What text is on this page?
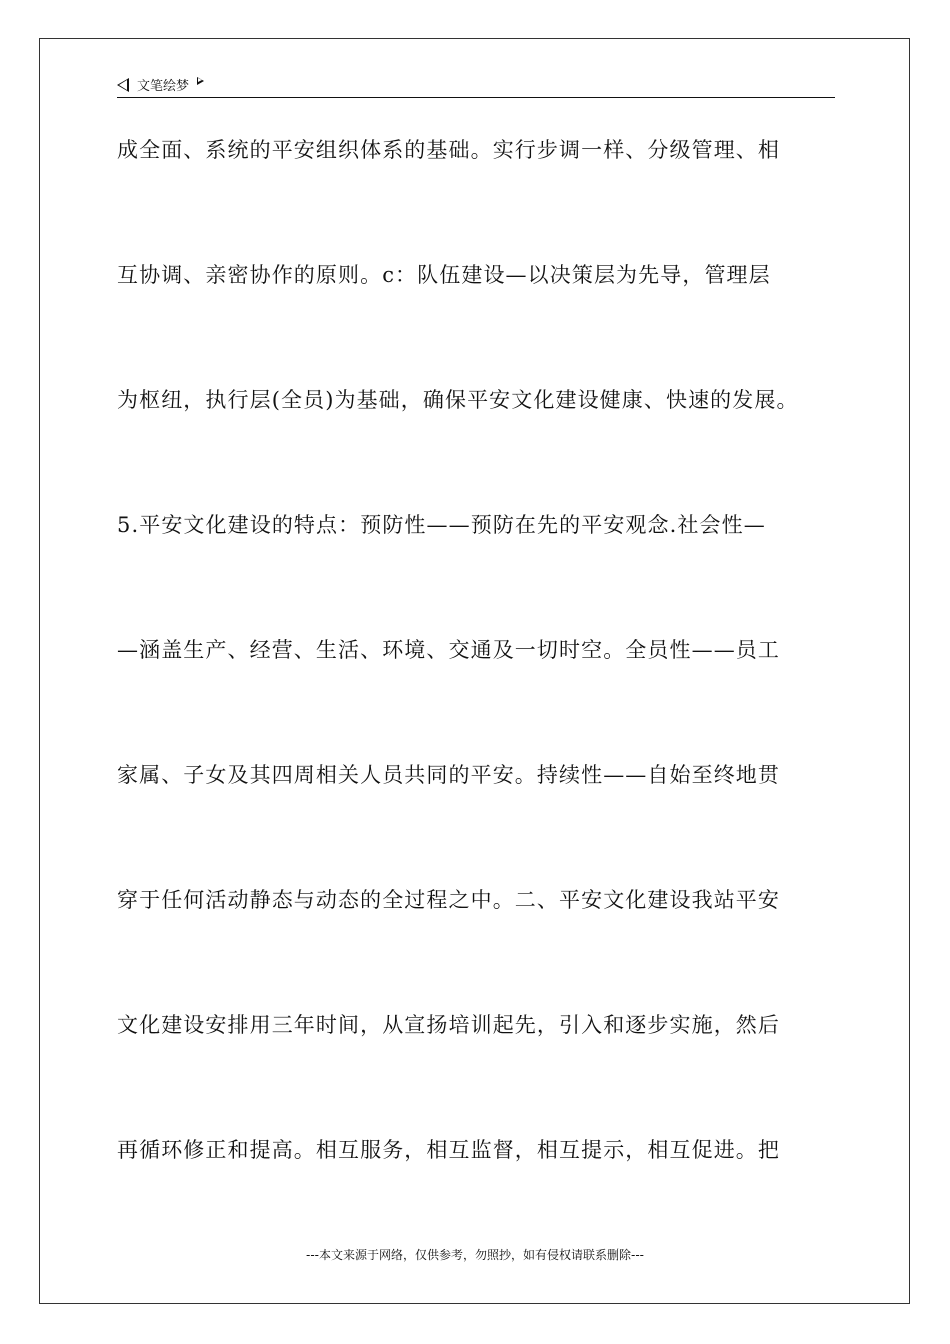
文笔绘梦
成全面、系统的平安组织体系的基础。实行步调一样、分级管理、相
互协调、亲密协作的原则。c：队伍建设—以决策层为先导，管理层
为枢纽，执行层(全员)为基础，确保平安文化建设健康、快速的发展。
5.平安文化建设的特点：预防性——预防在先的平安观念.社会性—
—涵盖生产、经营、生活、环境、交通及一切时空。全员性——员工
家属、子女及其四周相关人员共同的平安。持续性——自始至终地贯
穿于任何活动静态与动态的全过程之中。二、平安文化建设我站平安
文化建设安排用三年时间，从宣扬培训起先，引入和逐步实施，然后
再循环修正和提高。相互服务，相互监督，相互提示，相互促进。把
---本文来源于网络，仅供参考，勿照抄，如有侵权请联系删除---
